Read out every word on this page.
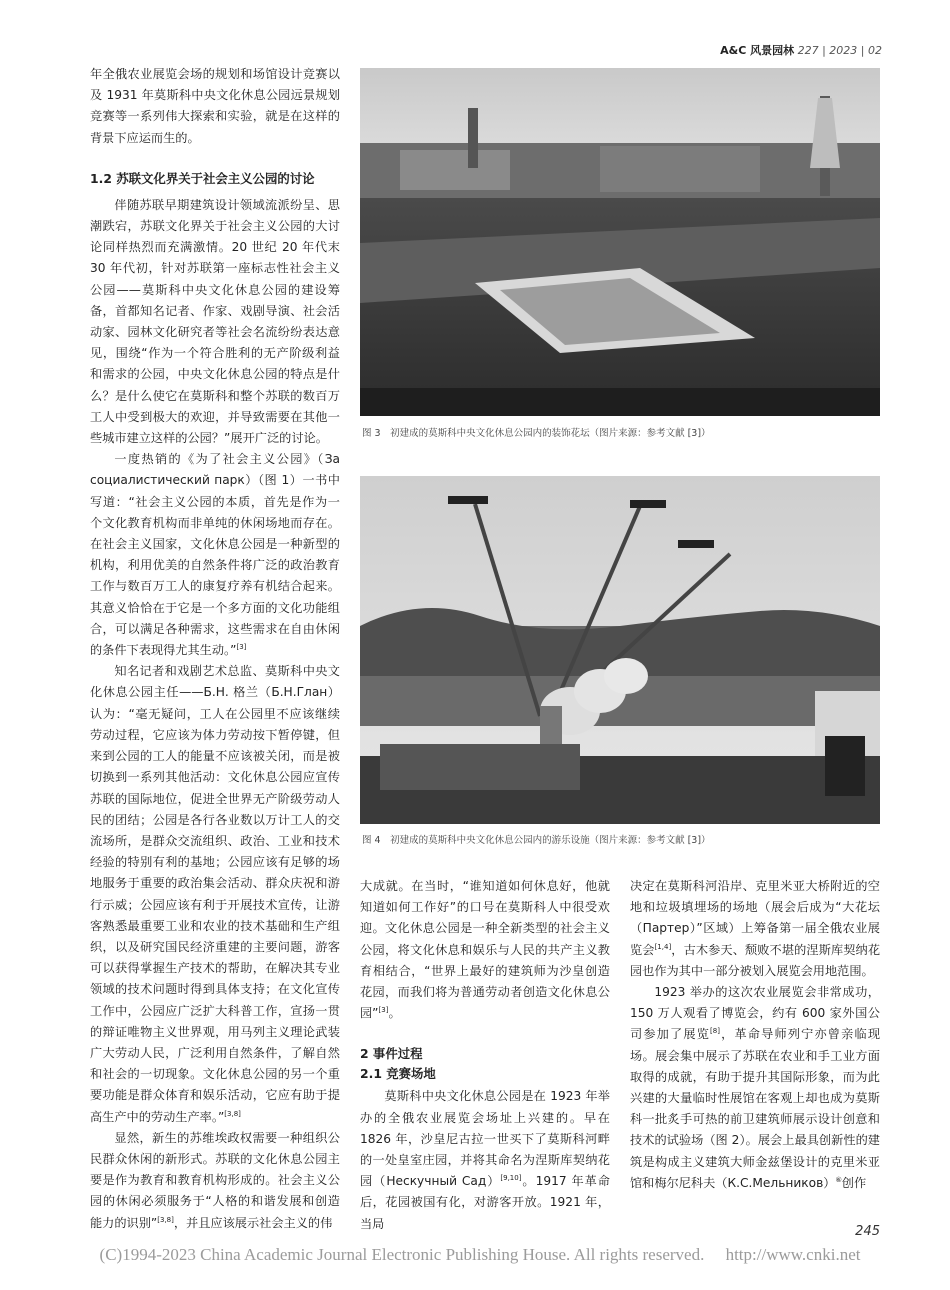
A&C 风景园林 227 | 2023 | 02

年全俄农业展览会场的规划和场馆设计竞赛以及 1931 年莫斯科中央文化休息公园远景规划竞赛等一系列伟大探索和实验，就是在这样的背景下应运而生的。

1.2 苏联文化界关于社会主义公园的讨论

伴随苏联早期建筑设计领域流派纷呈、思潮跌宕，苏联文化界关于社会主义公园的大讨论同样热烈而充满激情。20 世纪 20 年代末 30 年代初，针对苏联第一座标志性社会主义公园——莫斯科中央文化休息公园的建设筹备，首都知名记者、作家、戏剧导演、社会活动家、园林文化研究者等社会名流纷纷表达意见，围绕“作为一个符合胜利的无产阶级利益和需求的公园，中央文化休息公园的特点是什么？是什么使它在莫斯科和整个苏联的数百万工人中受到极大的欢迎，并导致需要在其他一些城市建立这样的公园？”展开广泛的讨论。

一度热销的《为了社会主义公园》（За социалистический парк）（图 1）一书中写道：“社会主义公园的本质，首先是作为一个文化教育机构而非单纯的休闲场地而存在。在社会主义国家，文化休息公园是一种新型的机构，利用优美的自然条件将广泛的政治教育工作与数百万工人的康复疗养有机结合起来。其意义恰恰在于它是一个多方面的文化功能组合，可以满足各种需求，这些需求在自由休闲的条件下表现得尤其生动。”[3]

知名记者和戏剧艺术总监、莫斯科中央文化休息公园主任——Б.Н. 格兰（Б.Н.Глан）认为：“毫无疑问，工人在公园里不应该继续劳动过程，它应该为体力劳动按下暂停键，但来到公园的工人的能量不应该被关闭，而是被切换到一系列其他活动：文化休息公园应宣传苏联的国际地位，促进全世界无产阶级劳动人民的团结；公园是各行各业数以万计工人的交流场所，是群众交流组织、政治、工业和技术经验的特别有利的基地；公园应该有足够的场地服务于重要的政治集会活动、群众庆祝和游行示威；公园应该有利于开展技术宣传，让游客熟悉最重要工业和农业的技术基础和生产组织，以及研究国民经济重建的主要问题，游客可以获得掌握生产技术的帮助，在解决其专业领域的技术问题时得到具体支持；在文化宣传工作中，公园应广泛扩大科普工作，宣扬一贯的辩证唯物主义世界观，用马列主义理论武装广大劳动人民，广泛利用自然条件，了解自然和社会的一切现象。文化休息公园的另一个重要功能是群众体育和娱乐活动，它应有助于提高生产中的劳动生产率。”[3,8]

显然，新生的苏维埃政权需要一种组织公民群众休闲的新形式。苏联的文化休息公园主要是作为教育和教育机构形成的。社会主义公园的休闲必须服务于“人格的和谐发展和创造能力的识别”[3,8]，并且应该展示社会主义的伟

图 3　初建成的莫斯科中央文化休息公园内的装饰花坛（图片来源：参考文献 [3]）
图 4　初建成的莫斯科中央文化休息公园内的游乐设施（图片来源：参考文献 [3]）

大成就。在当时，“谁知道如何休息好，他就知道如何工作好”的口号在莫斯科人中很受欢迎。文化休息公园是一种全新类型的社会主义公园，将文化休息和娱乐与人民的共产主义教育相结合，“世界上最好的建筑师为沙皇创造花园，而我们将为普通劳动者创造文化休息公园”[3]。

2 事件过程
2.1 竞赛场地

莫斯科中央文化休息公园是在 1923 年举办的全俄农业展览会场址上兴建的。早在 1826 年，沙皇尼古拉一世买下了莫斯科河畔的一处皇室庄园，并将其命名为涅斯库契纳花园（Нескучный Сад）[9,10]。1917 年革命后，花园被国有化，对游客开放。1921 年，当局

决定在莫斯科河沿岸、克里米亚大桥附近的空地和垃圾填埋场的场地（展会后成为“大花坛（Партер）”区域）上筹备第一届全俄农业展览会[1,4]，古木参天、颓败不堪的涅斯库契纳花园也作为其中一部分被划入展览会用地范围。

1923 举办的这次农业展览会非常成功，150 万人观看了博览会，约有 600 家外国公司参加了展览[8]，革命导师列宁亦曾亲临现场。展会集中展示了苏联在农业和手工业方面取得的成就，有助于提升其国际形象，而为此兴建的大量临时性展馆在客观上却也成为莫斯科一批炙手可热的前卫建筑师展示设计创意和技术的试验场（图 2）。展会上最具创新性的建筑是构成主义建筑大师金兹堡设计的克里米亚馆和梅尔尼科夫（К.С.Мельников）⑥创作

245
(C)1994-2023 China Academic Journal Electronic Publishing House. All rights reserved.　 http://www.cnki.net
